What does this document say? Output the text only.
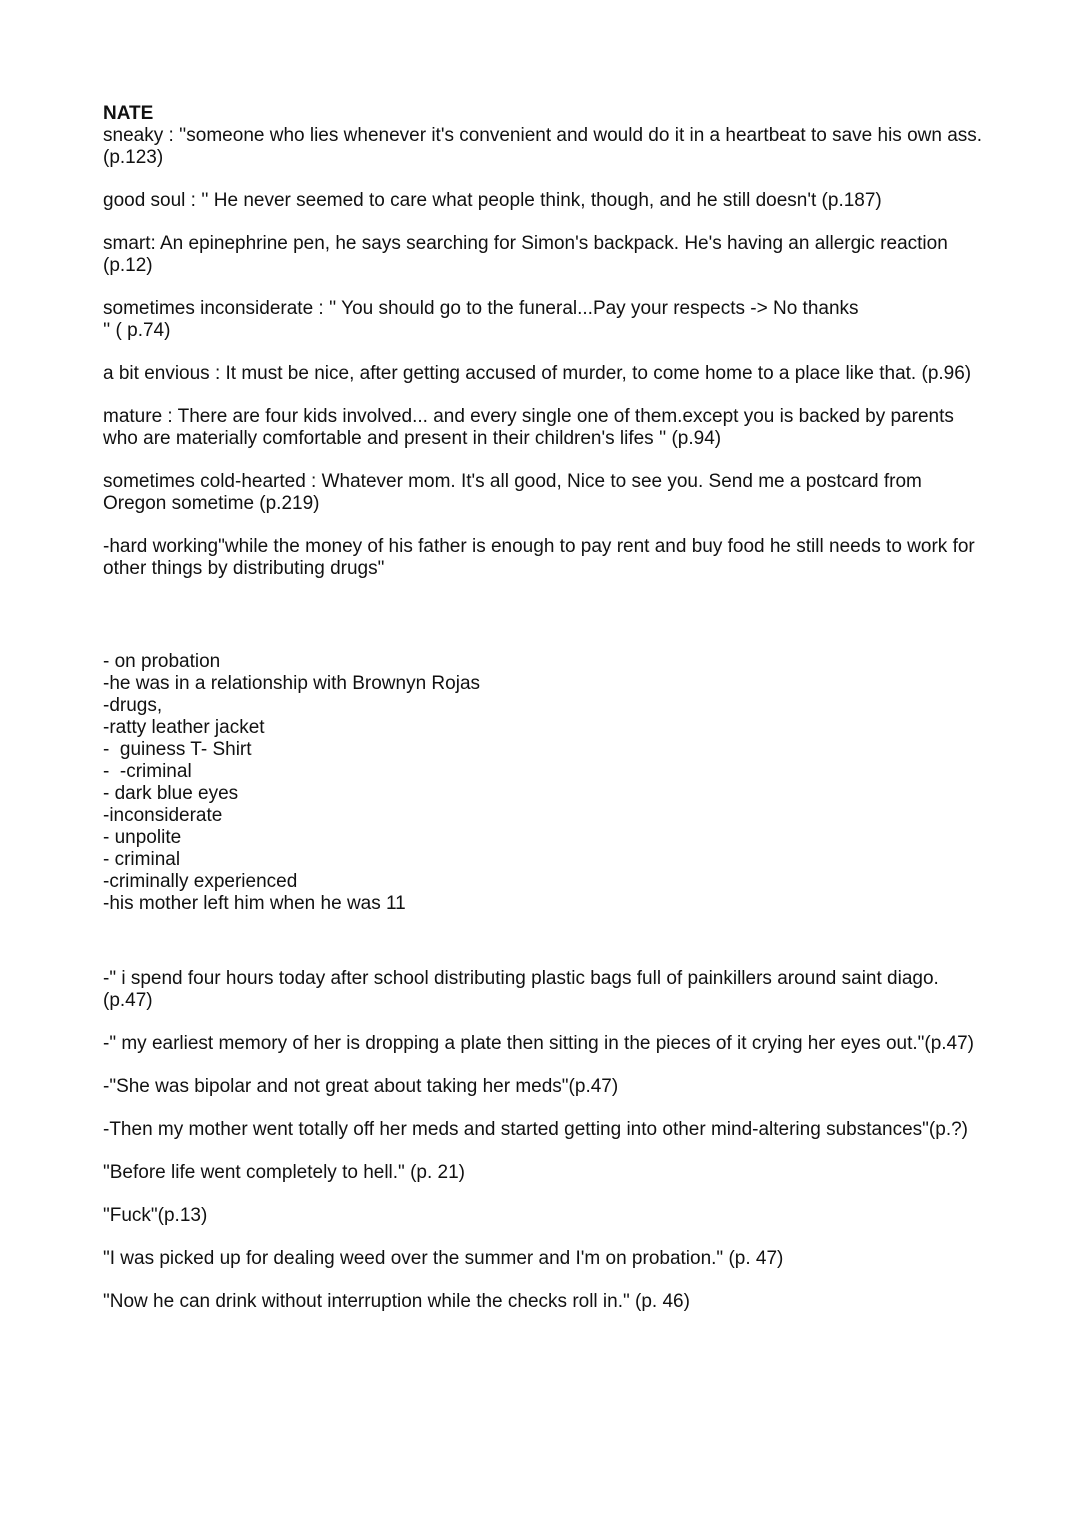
NATE

sneaky : ''someone who lies whenever it's convenient and would do it in a heartbeat to save his own ass. (p.123)

good soul : '' He never seemed to care what people think, though, and he still doesn't (p.187)

smart: An epinephrine pen, he says searching for Simon's backpack. He's having an allergic reaction (p.12)

sometimes inconsiderate : '' You should go to the funeral...Pay your respects -> No thanks
'' ( p.74)

a bit envious : It must be nice, after getting accused of murder, to come home to a place like that. (p.96)

mature : There are four kids involved... and every single one of them.except you is backed by parents who are materially comfortable and present in their children's lifes '' (p.94)

sometimes cold-hearted : Whatever mom. It's all good, Nice to see you. Send me a postcard from Oregon sometime (p.219)

-hard working"while the money of his father is enough to pay rent and buy food he still needs to work for other things by distributing drugs"

- on probation
-he was in a relationship with Brownyn Rojas
-drugs,
-ratty leather jacket
-  guiness T- Shirt
-  -criminal
- dark blue eyes
-inconsiderate
- unpolite
- criminal
-criminally experienced
-his mother left him when he was 11

-" i spend four hours today after school distributing plastic bags full of painkillers around saint diago.(p.47)

-" my earliest memory of her is dropping a plate then sitting in the pieces of it crying her eyes out."(p.47)

-"She was bipolar and not great about taking her meds"(p.47)

-Then my mother went totally off her meds and started getting into other mind-altering substances"(p.?)

"Before life went completely to hell." (p. 21)

"Fuck"(p.13)

"I was picked up for dealing weed over the summer and I'm on probation." (p. 47)

"Now he can drink without interruption while the checks roll in." (p. 46)
